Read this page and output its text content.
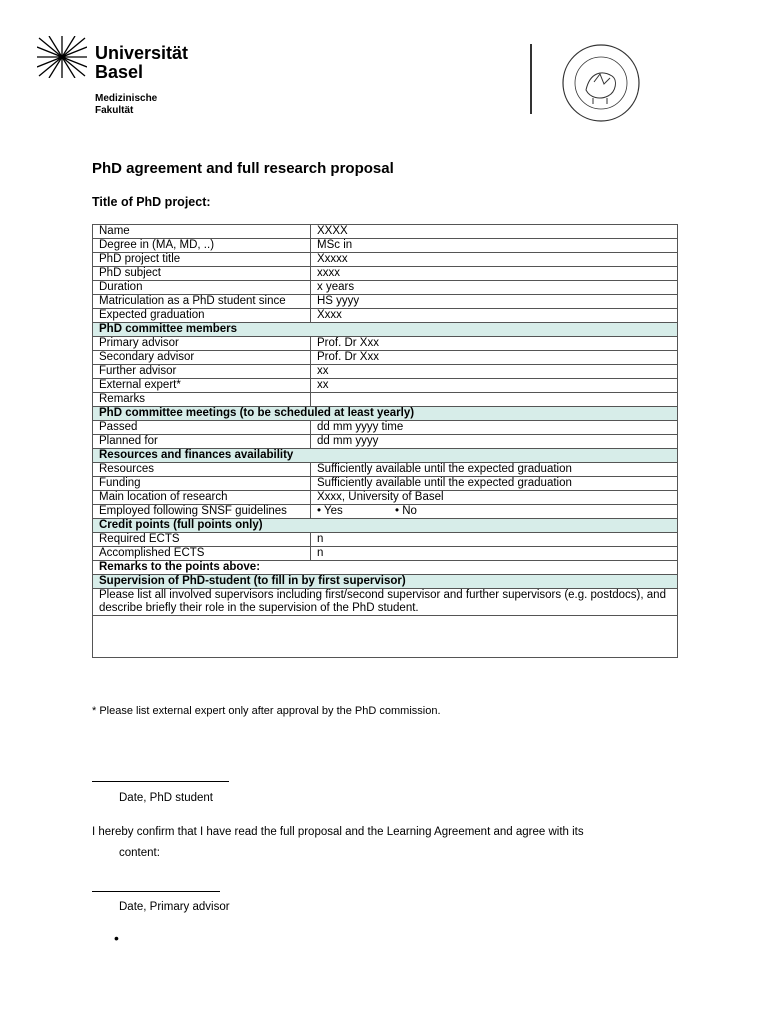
Universität
Basel
Medizinische
Fakultät
PhD agreement and full research proposal
Title of PhD project:
Name	XXXX
Degree in (MA, MD, ..)	MSc in
PhD project title	Xxxxx
PhD subject	xxxx
Duration	x years
Matriculation as a PhD student since	HS yyyy
Expected graduation	Xxxx
PhD committee members	
Primary advisor	Prof. Dr Xxx
Secondary advisor	Prof. Dr Xxx
Further advisor	xx
External expert*	xx
Remarks	
PhD committee meetings (to be scheduled at least yearly)	
Passed	dd mm yyyy time
Planned for	dd mm yyyy
Resources and finances availability	
Resources	Sufficiently available until the expected graduation
Funding	Sufficiently available until the expected graduation
Main location of research	Xxxx, University of Basel
Employed following SNSF guidelines	• Yes • No
Credit points (full points only)	
Required ECTS	n
Accomplished ECTS	n
Remarks to the points above:	
Supervision of PhD-student (to fill in by first supervisor)	
Please list all involved supervisors including first/second supervisor and further supervisors (e.g. postdocs), and describe briefly their role in the supervision of the PhD student.	

* Please list external expert only after approval by the PhD commission.
Date, PhD student
I hereby confirm that I have read the full proposal and the Learning Agreement and agree with its
content:
Date, Primary advisor
•
